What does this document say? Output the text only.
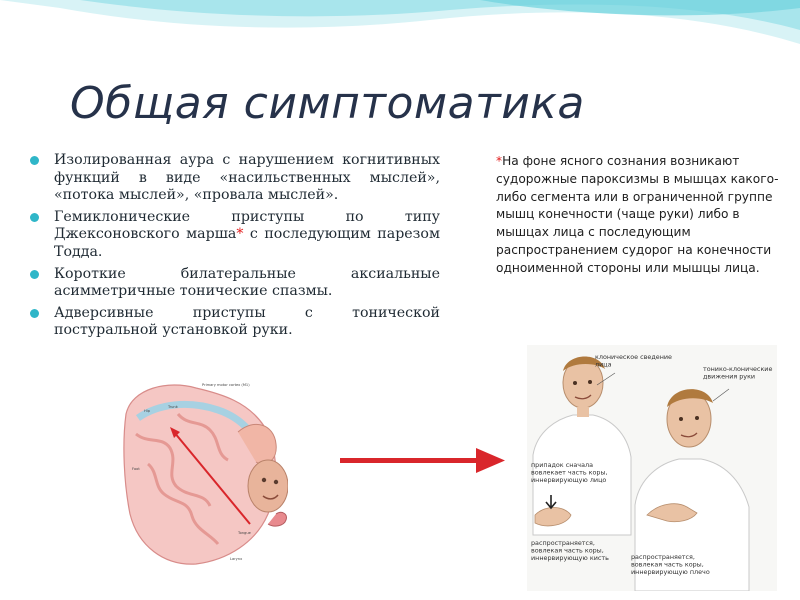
Общая симптоматика
Изолированная аура с нарушением когнитивных функций в виде «насильственных мыслей», «потока мыслей», «провала мыслей».
Гемиклонические приступы по типу Джексоновского марша* с последующим парезом Тодда.
Короткие билатеральные аксиальные асимметричные тонические спазмы.
Адверсивные приступы с тонической постуральной установкой руки.

*На фоне ясного сознания возникают судорожные пароксизмы в мышцах какого-либо сегмента или в ограниченной группе мышц конечности (чаще руки) либо в мышцах лица с последующим распространением судорог на конечности одноименной стороны или мышцы лица.

Primary motor cortex (M1)
Hip
Trunk
Foot
Tongue
Larynx
клоническое сведение лица
тонико-клонические движения руки
припадок сначала вовлекает часть коры, иннервирующую лицо
распространяется, вовлекая часть коры, иннервирующую кисть	распространяется, вовлекая часть коры, иннервирующую плечо
